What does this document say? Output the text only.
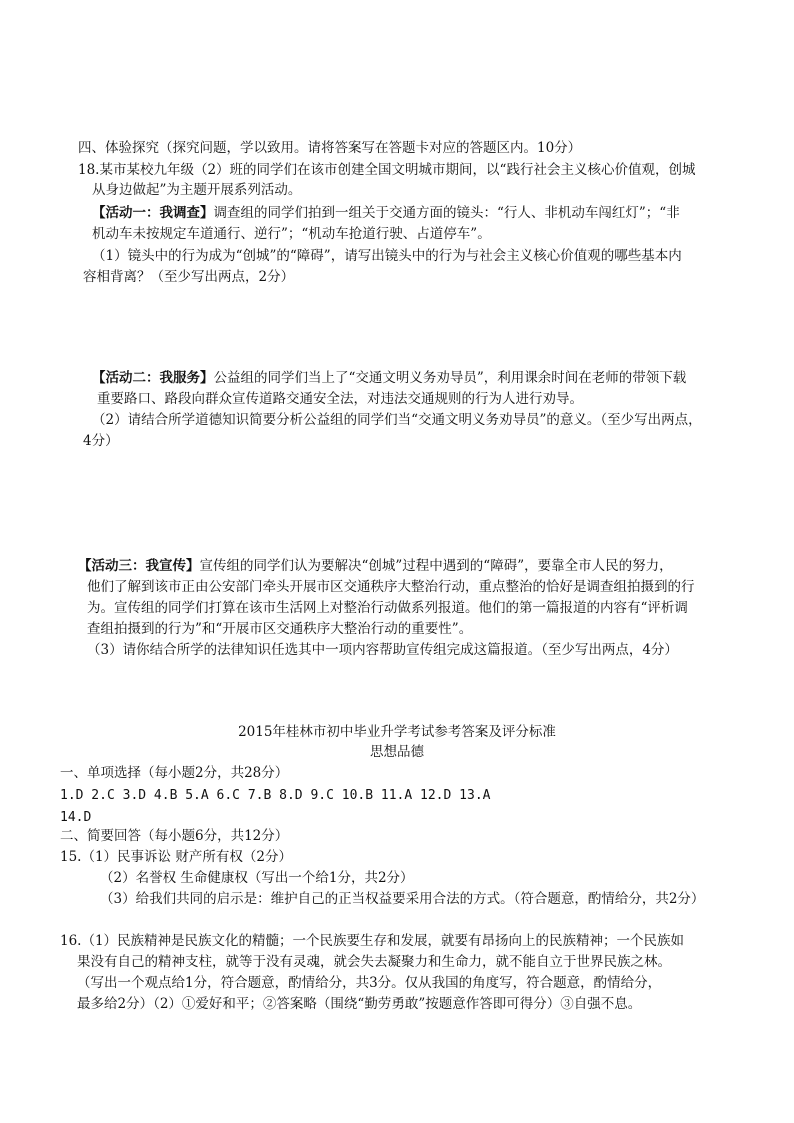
四、体验探究（探究问题，学以致用。请将答案写在答题卡对应的答题区内。10分）
18.某市某校九年级（2）班的同学们在该市创建全国文明城市期间，以“践行社会主义核心价值观，创城
从身边做起”为主题开展系列活动。
【活动一：我调查】调查组的同学们拍到一组关于交通方面的镜头：“行人、非机动车闯红灯”；“非
机动车未按规定车道通行、逆行”；“机动车抢道行驶、占道停车”。
（1）镜头中的行为成为“创城”的“障碍”，请写出镜头中的行为与社会主义核心价值观的哪些基本内
容相背离？（至少写出两点，2分）
【活动二：我服务】公益组的同学们当上了“交通文明义务劝导员”，利用课余时间在老师的带领下载
重要路口、路段向群众宣传道路交通安全法，对违法交通规则的行为人进行劝导。
（2）请结合所学道德知识简要分析公益组的同学们当“交通文明义务劝导员”的意义。（至少写出两点，
4分）
【活动三：我宣传】宣传组的同学们认为要解决“创城”过程中遇到的“障碍”，要靠全市人民的努力，
他们了解到该市正由公安部门牵头开展市区交通秩序大整治行动，重点整治的恰好是调查组拍摄到的行
为。宣传组的同学们打算在该市生活网上对整治行动做系列报道。他们的第一篇报道的内容有“评析调
查组拍摄到的行为”和“开展市区交通秩序大整治行动的重要性”。
（3）请你结合所学的法律知识任选其中一项内容帮助宣传组完成这篇报道。（至少写出两点，4分）
2015年桂林市初中毕业升学考试参考答案及评分标准
思想品德
一、单项选择（每小题2分，共28分）
1.D 2.C 3.D 4.B 5.A 6.C 7.B 8.D 9.C 10.B 11.A 12.D 13.A
14.D
二、简要回答（每小题6分，共12分）
15.（1）民事诉讼 财产所有权（2分）
（2）名誉权 生命健康权（写出一个给1分，共2分）
（3）给我们共同的启示是：维护自己的正当权益要采用合法的方式。（符合题意，酌情给分，共2分）
16.（1）民族精神是民族文化的精髓；一个民族要生存和发展，就要有昂扬向上的民族精神；一个民族如
果没有自己的精神支柱，就等于没有灵魂，就会失去凝聚力和生命力，就不能自立于世界民族之林。
（写出一个观点给1分，符合题意，酌情给分，共3分。仅从我国的角度写，符合题意，酌情给分，
最多给2分）（2）①爱好和平；②答案略（围绕“勤劳勇敢”按题意作答即可得分）③自强不息。
